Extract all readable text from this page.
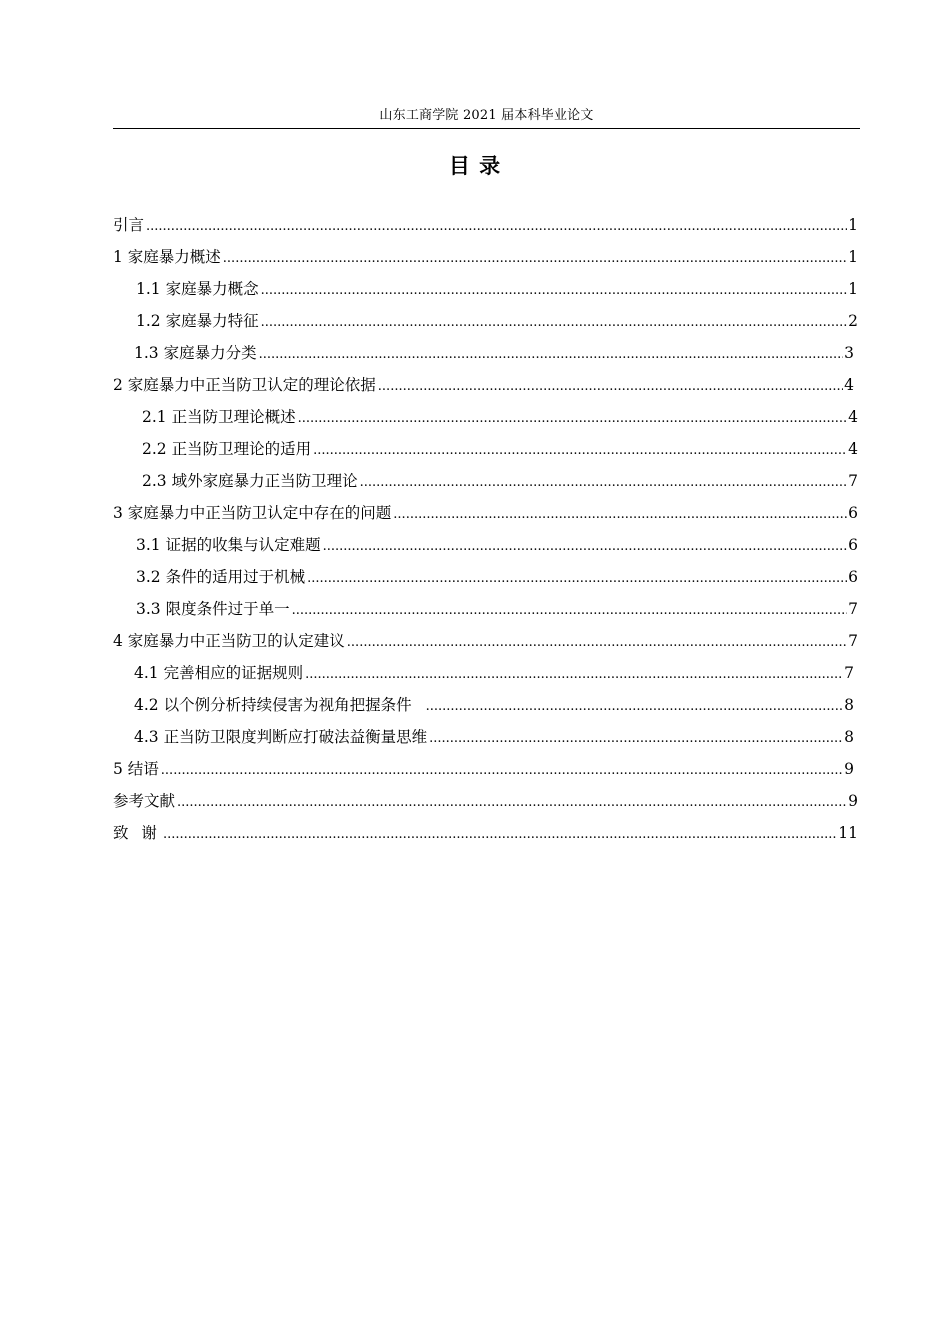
山东工商学院 2021 届本科毕业论文
目 录
引言 .....	1
1 家庭暴力概述 .....	1
1.1 家庭暴力概念 .....	1
1.2 家庭暴力特征 .....	2
1.3 家庭暴力分类 .....	3
2 家庭暴力中正当防卫认定的理论依据 .....	4
2.1 正当防卫理论概述 .....	4
2.2 正当防卫理论的适用 .....	4
2.3 域外家庭暴力正当防卫理论 .....	7
3 家庭暴力中正当防卫认定中存在的问题 .....	6
3.1 证据的收集与认定难题 .....	6
3.2 条件的适用过于机械 .....	6
3.3 限度条件过于单一 .....	7
4 家庭暴力中正当防卫的认定建议 .....	7
4.1 完善相应的证据规则 .....	7
4.2 以个例分析持续侵害为视角把握条件 .....	8
4.3 正当防卫限度判断应打破法益衡量思维 .....	8
5 结语 .....	9
参考文献 .....	9
致 谢 .....	11
